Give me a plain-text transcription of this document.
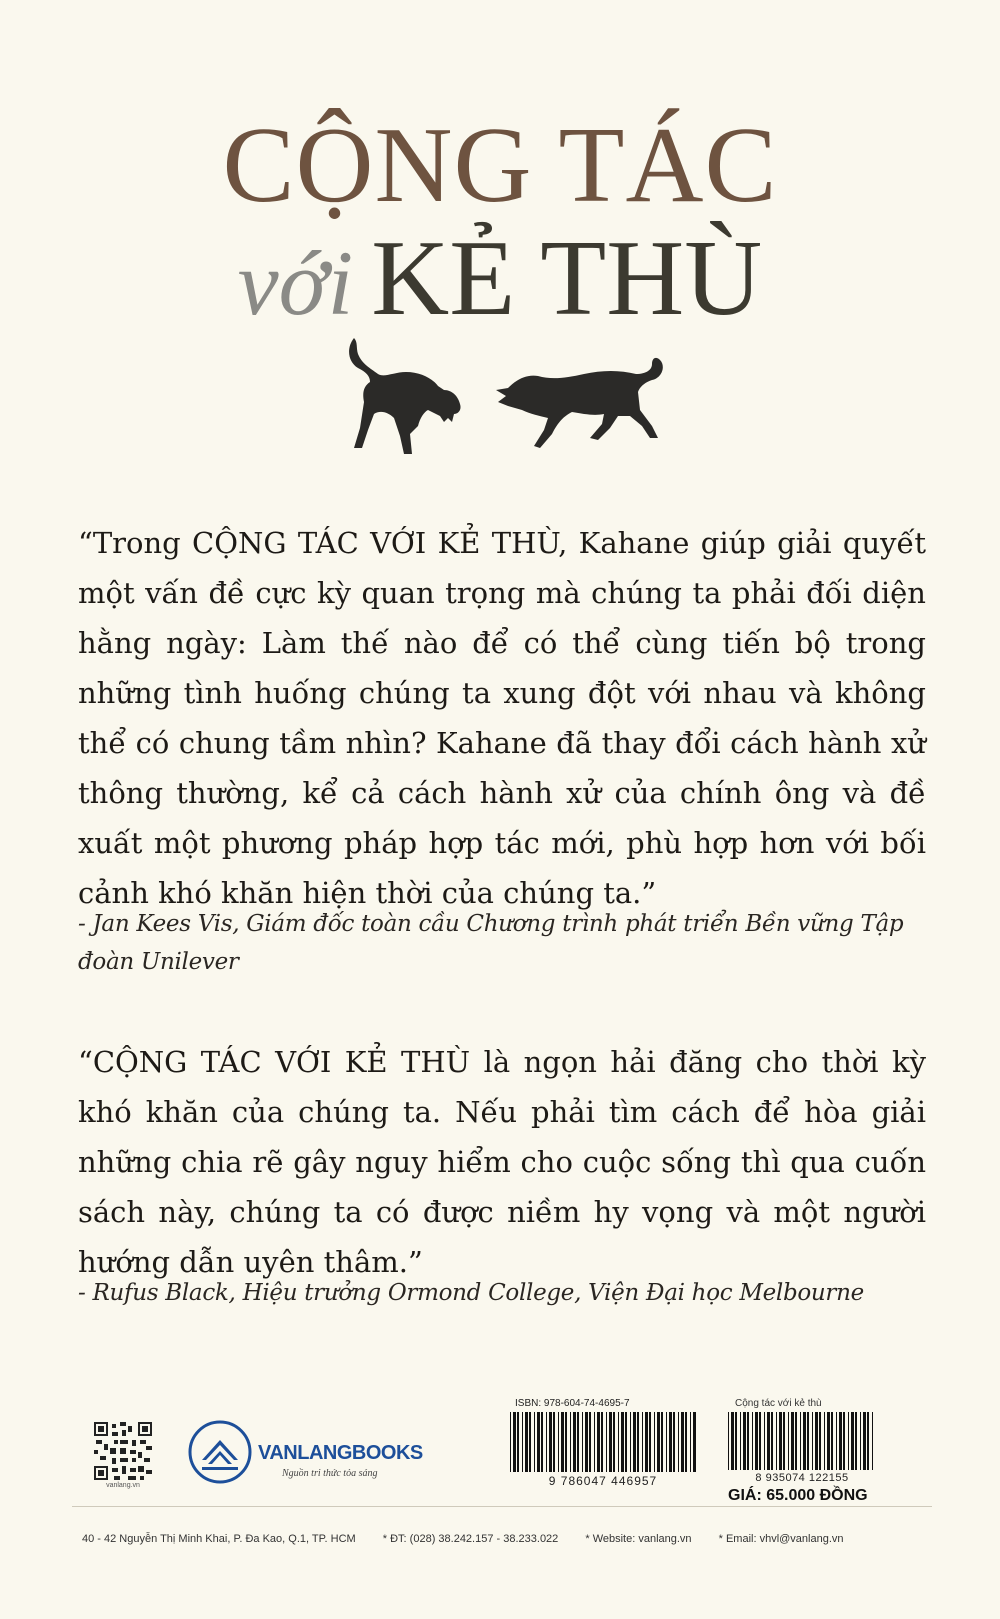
CỘNG TÁC
với KẺ THÙ

“Trong CỘNG TÁC VỚI KẺ THÙ, Kahane giúp giải quyết một vấn đề cực kỳ quan trọng mà chúng ta phải đối diện hằng ngày: Làm thế nào để có thể cùng tiến bộ trong những tình huống chúng ta xung đột với nhau và không thể có chung tầm nhìn? Kahane đã thay đổi cách hành xử thông thường, kể cả cách hành xử của chính ông và đề xuất một phương pháp hợp tác mới, phù hợp hơn với bối cảnh khó khăn hiện thời của chúng ta.”

- Jan Kees Vis, Giám đốc toàn cầu Chương trình phát triển Bền vững Tập đoàn Unilever

“CỘNG TÁC VỚI KẺ THÙ là ngọn hải đăng cho thời kỳ khó khăn của chúng ta. Nếu phải tìm cách để hòa giải những chia rẽ gây nguy hiểm cho cuộc sống thì qua cuốn sách này, chúng ta có được niềm hy vọng và một người hướng dẫn uyên thâm.”

- Rufus Black, Hiệu trưởng Ormond College, Viện Đại học Melbourne

vanlang.vn
VANLANGBOOKS
Nguồn tri thức tỏa sáng
ISBN: 978-604-74-4695-7
9 786047 446957
Cộng tác với kẻ thù
8 935074 122155
GIÁ: 65.000 ĐỒNG
40 - 42 Nguyễn Thị Minh Khai, P. Đa Kao, Q.1, TP. HCM * ĐT: (028) 38.242.157 - 38.233.022 * Website: vanlang.vn * Email: vhvl@vanlang.vn
